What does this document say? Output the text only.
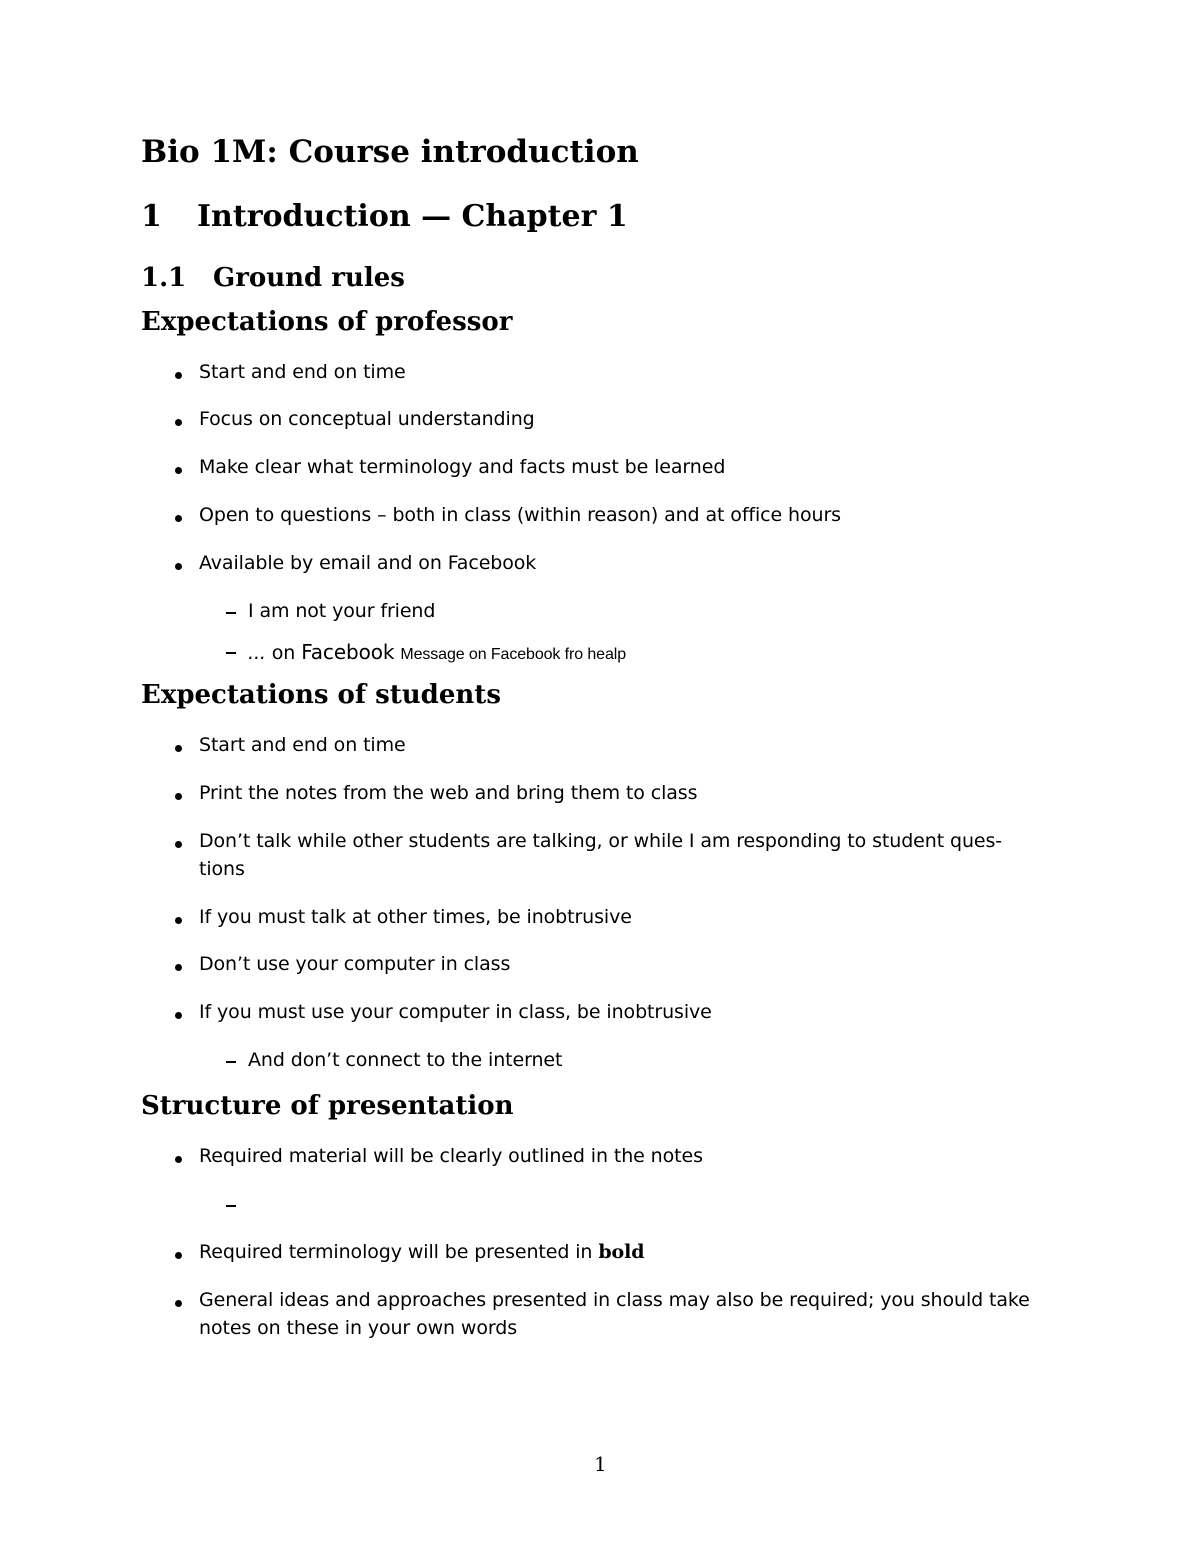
Bio 1M: Course introduction
1 Introduction — Chapter 1
1.1 Ground rules
Expectations of professor

Start and end on time

Focus on conceptual understanding

Make clear what terminology and facts must be learned

Open to questions – both in class (within reason) and at office hours

Available by email and on Facebook

I am not your friend

... on Facebook Message on Facebook fro healp

Expectations of students

Start and end on time

Print the notes from the web and bring them to class

Don’t talk while other students are talking, or while I am responding to student ques-

tions

If you must talk at other times, be inobtrusive

Don’t use your computer in class

If you must use your computer in class, be inobtrusive

And don’t connect to the internet

Structure of presentation

Required material will be clearly outlined in the notes

Required terminology will be presented in bold

General ideas and approaches presented in class may also be required; you should take

notes on these in your own words

1
